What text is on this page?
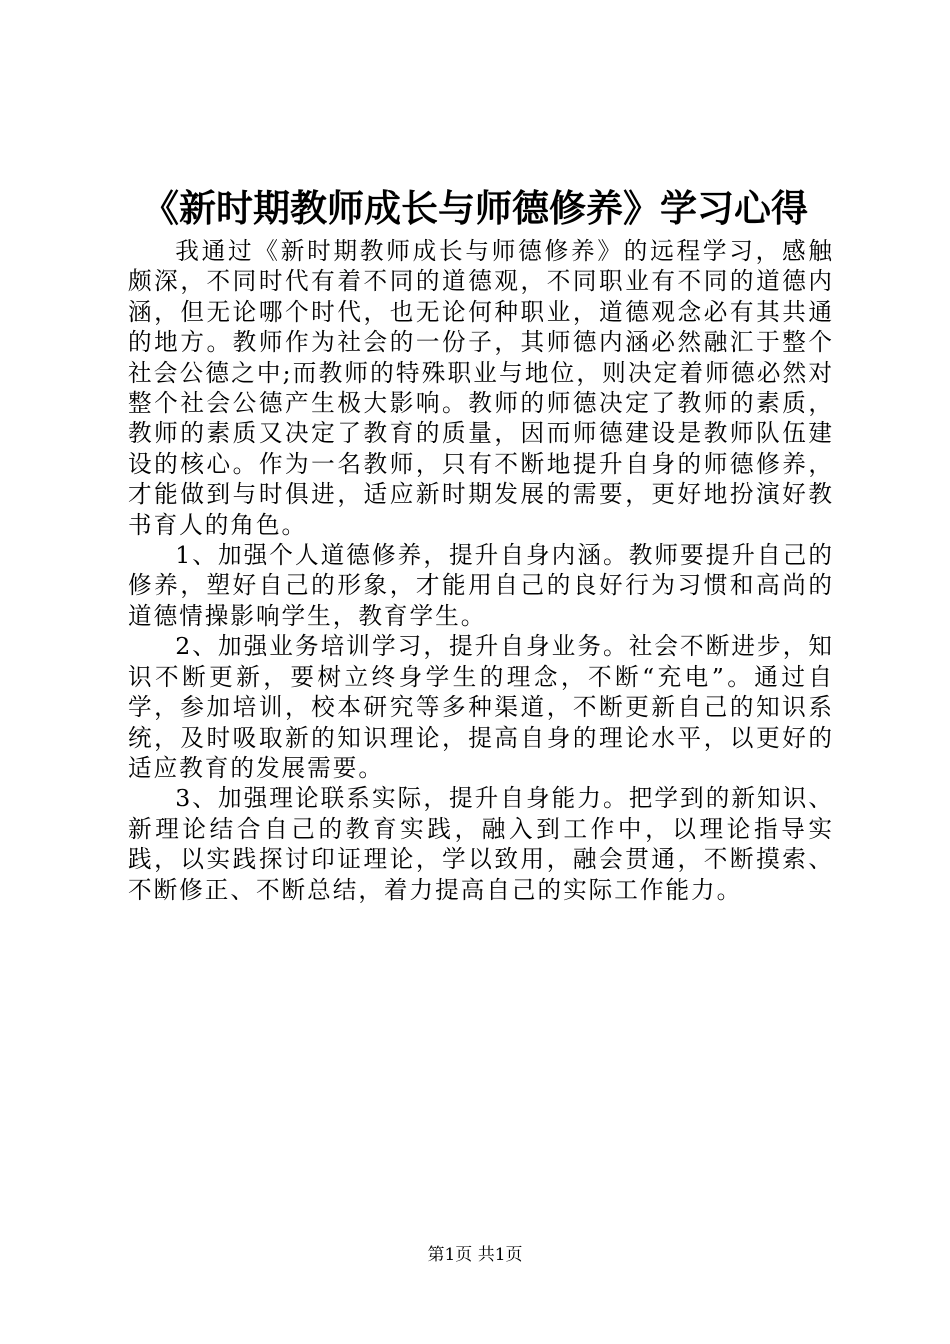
《新时期教师成长与师德修养》学习心得

我通过《新时期教师成长与师德修养》的远程学习，感触颇深，不同时代有着不同的道德观，不同职业有不同的道德内涵，但无论哪个时代，也无论何种职业，道德观念必有其共通的地方。教师作为社会的一份子，其师德内涵必然融汇于整个社会公德之中;而教师的特殊职业与地位，则决定着师德必然对整个社会公德产生极大影响。教师的师德决定了教师的素质，教师的素质又决定了教育的质量，因而师德建设是教师队伍建设的核心。作为一名教师，只有不断地提升自身的师德修养，才能做到与时俱进，适应新时期发展的需要，更好地扮演好教书育人的角色。

1、加强个人道德修养，提升自身内涵。教师要提升自己的修养，塑好自己的形象，才能用自己的良好行为习惯和高尚的道德情操影响学生，教育学生。

2、加强业务培训学习，提升自身业务。社会不断进步，知识不断更新，要树立终身学生的理念，不断“充电”。通过自学，参加培训，校本研究等多种渠道，不断更新自己的知识系统，及时吸取新的知识理论，提高自身的理论水平，以更好的适应教育的发展需要。

3、加强理论联系实际，提升自身能力。把学到的新知识、新理论结合自己的教育实践，融入到工作中，以理论指导实践，以实践探讨印证理论，学以致用，融会贯通，不断摸索、不断修正、不断总结，着力提高自己的实际工作能力。

第1页 共1页
